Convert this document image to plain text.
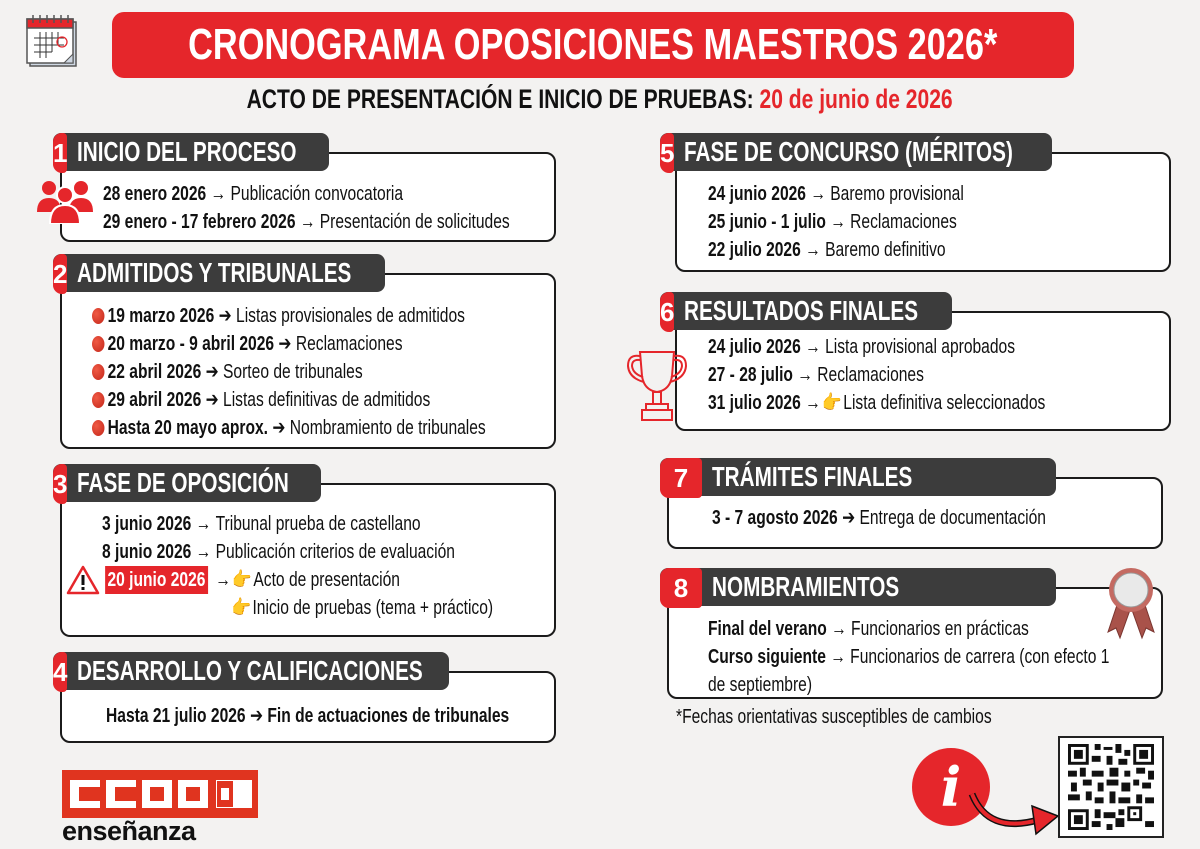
CRONOGRAMA OPOSICIONES MAESTROS 2026*
ACTO DE PRESENTACIÓN E INICIO DE PRUEBAS: 20 de junio de 2026
1 INICIO DEL PROCESO
28 enero 2026
→
Publicación convocatoria
29 enero - 17 febrero 2026
→
Presentación de solicitudes
2 ADMITIDOS Y TRIBUNALES
19 marzo 2026
➔
Listas provisionales de admitidos
20 marzo - 9 abril 2026
➔
Reclamaciones
22 abril 2026
➔
Sorteo de tribunales
29 abril 2026
➔
Listas definitivas de admitidos
Hasta 20 mayo aprox.
➔
Nombramiento de tribunales
3 FASE DE OPOSICIÓN
3 junio 2026
→
Tribunal prueba de castellano
8 junio 2026
→
Publicación criterios de evaluación
20 junio 2026
→ 👉 Acto de presentación
👉 Inicio de pruebas (tema + práctico)
4 DESARROLLO Y CALIFICACIONES
Hasta 21 julio 2026
➔
Fin de actuaciones de tribunales
5 FASE DE CONCURSO (MÉRITOS)
24 junio 2026
→
Baremo provisional
25 junio - 1 julio
→
Reclamaciones
22 julio 2026
→
Baremo definitivo
6 RESULTADOS FINALES
24 julio 2026
→
Lista provisional aprobados
27 - 28 julio
→
Reclamaciones
31 julio 2026
→ 👉 Lista definitiva seleccionados
7 TRÁMITES FINALES
3 - 7 agosto 2026
➔
Entrega de documentación
8 NOMBRAMIENTOS
Final del verano
→
Funcionarios en prácticas
Curso siguiente
→
Funcionarios de carrera (con efecto 1
de septiembre)
*Fechas orientativas susceptibles de cambios
enseñanza
i
